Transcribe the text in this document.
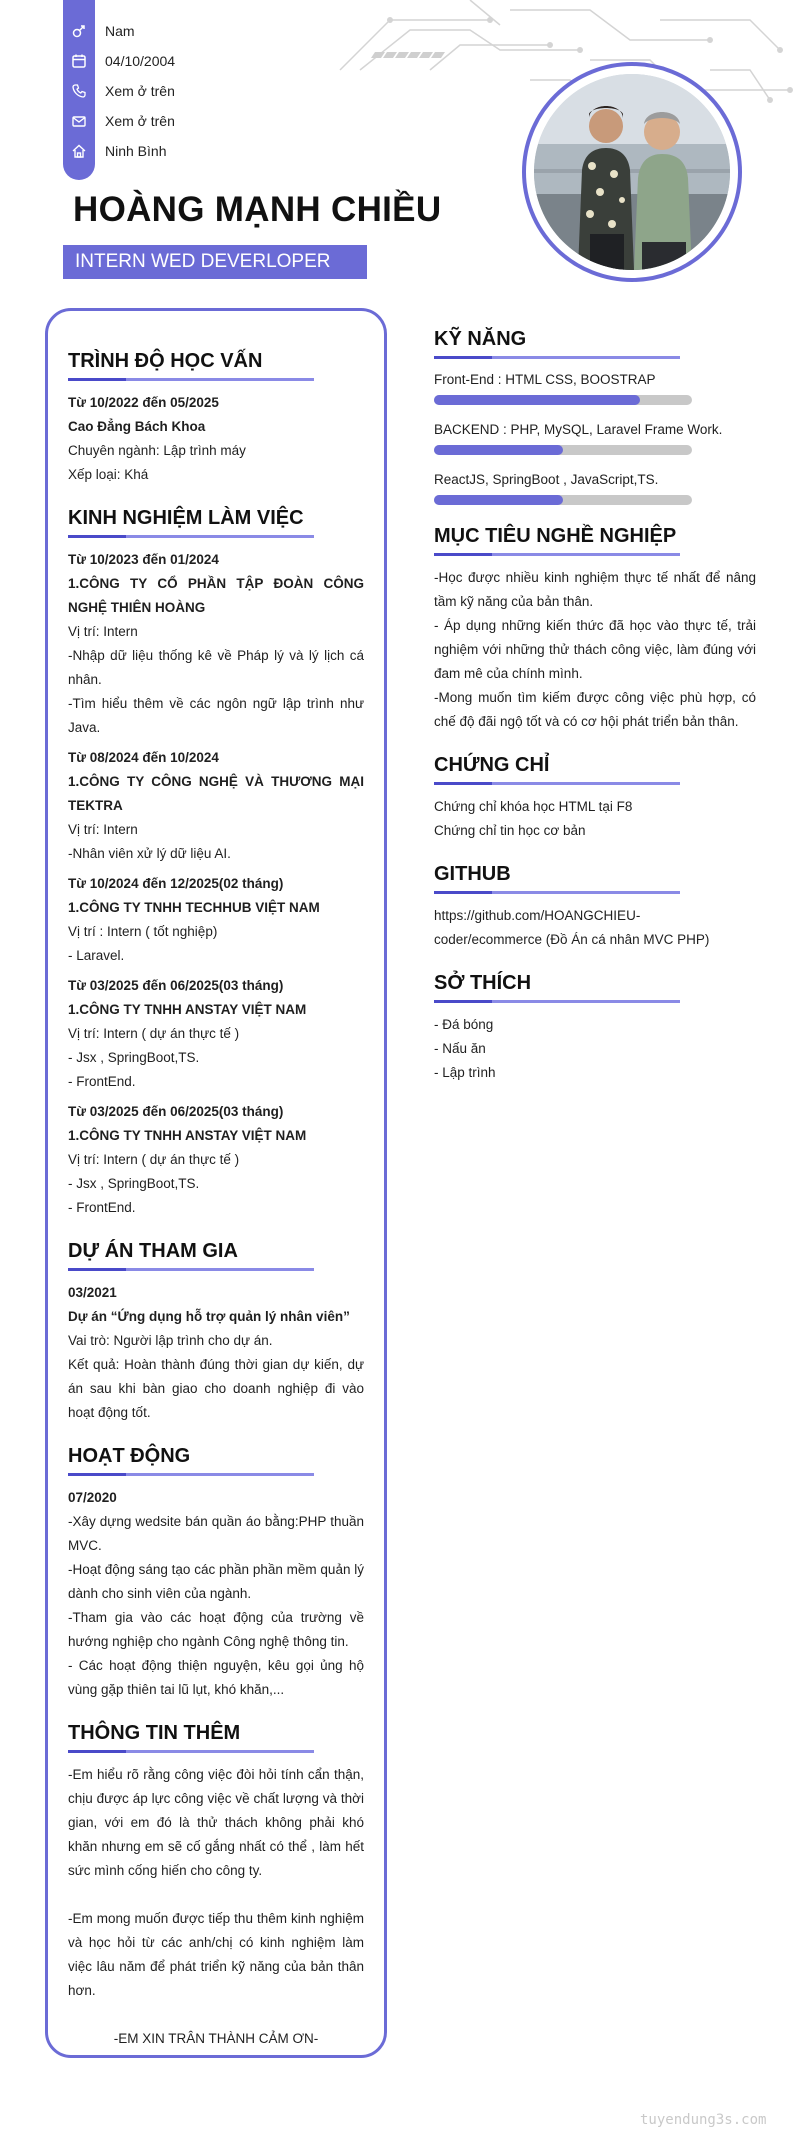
Nam
04/10/2004
Xem ở trên
Xem ở trên
Ninh Bình
HOÀNG MẠNH CHIỀU
INTERN WED DEVERLOPER
TRÌNH ĐỘ HỌC VẤN
Từ 10/2022 đến 05/2025
Cao Đẳng Bách Khoa
Chuyên ngành: Lập trình máy
Xếp loại: Khá
KINH NGHIỆM LÀM VIỆC
Từ 10/2023 đến 01/2024
1.CÔNG TY CỔ PHẦN TẬP ĐOÀN CÔNG NGHỆ THIÊN HOÀNG
Vị trí: Intern
-Nhập dữ liệu thống kê về Pháp lý và lý lịch cá nhân.
-Tìm hiểu thêm về các ngôn ngữ lập trình như Java.
Từ 08/2024 đến 10/2024
1.CÔNG TY CÔNG NGHỆ VÀ THƯƠNG MẠI TEKTRA
Vị trí: Intern
-Nhân viên xử lý dữ liệu AI.
Từ 10/2024 đến 12/2025(02 tháng)
1.CÔNG TY TNHH TECHHUB VIỆT NAM
Vị trí : Intern ( tốt nghiệp)
- Laravel.
Từ 03/2025 đến 06/2025(03 tháng)
1.CÔNG TY TNHH ANSTAY VIỆT NAM
Vị trí: Intern ( dự án thực tế )
- Jsx , SpringBoot,TS.
- FrontEnd.
Từ 03/2025 đến 06/2025(03 tháng)
1.CÔNG TY TNHH ANSTAY VIỆT NAM
Vị trí: Intern ( dự án thực tế )
- Jsx , SpringBoot,TS.
- FrontEnd.
DỰ ÁN THAM GIA
03/2021
Dự án “Ứng dụng hỗ trợ quản lý nhân viên”
Vai trò: Người lập trình cho dự án.
Kết quả: Hoàn thành đúng thời gian dự kiến, dự án sau khi bàn giao cho doanh nghiệp đi vào hoạt động tốt.
HOẠT ĐỘNG
07/2020
-Xây dựng wedsite bán quần áo bằng:PHP thuần MVC.
-Hoạt động sáng tạo các phần phần mềm quản lý dành cho sinh viên của ngành.
-Tham gia vào các hoạt động của trường về hướng nghiệp cho ngành Công nghệ thông tin.
- Các hoạt động thiện nguyện, kêu gọi ủng hộ vùng gặp thiên tai lũ lụt, khó khăn,...
THÔNG TIN THÊM
-Em hiểu rõ rằng công việc đòi hỏi tính cẩn thận, chịu được áp lực công việc về chất lượng và thời gian, với em đó là thử thách không phải khó khăn nhưng em sẽ cố gắng nhất có thể , làm hết sức mình cống hiến cho công ty.
-Em mong muốn được tiếp thu thêm kinh nghiệm và học hỏi từ các anh/chị có kinh nghiệm làm việc lâu năm để phát triển kỹ năng của bản thân hơn.
-EM XIN TRÂN THÀNH CẢM ƠN-
KỸ NĂNG
Front-End : HTML CSS, BOOSTRAP
BACKEND : PHP, MySQL, Laravel Frame Work.
ReactJS, SpringBoot , JavaScript,TS.
MỤC TIÊU NGHỀ NGHIỆP
-Học được nhiều kinh nghiệm thực tế nhất để nâng tầm kỹ năng của bản thân.
- Áp dụng những kiến thức đã học vào thực tế, trải nghiệm với những thử thách công việc, làm đúng với đam mê của chính mình.
-Mong muốn tìm kiếm được công việc phù hợp, có chế độ đãi ngộ tốt và có cơ hội phát triển bản thân.
CHỨNG CHỈ
Chứng chỉ khóa học HTML tại F8
Chứng chỉ tin học cơ bản
GITHUB
https://github.com/HOANGCHIEU-
coder/ecommerce (Đồ Án cá nhân MVC PHP)
SỞ THÍCH
- Đá bóng
- Nấu ăn
- Lập trình
tuyendung3s.com
